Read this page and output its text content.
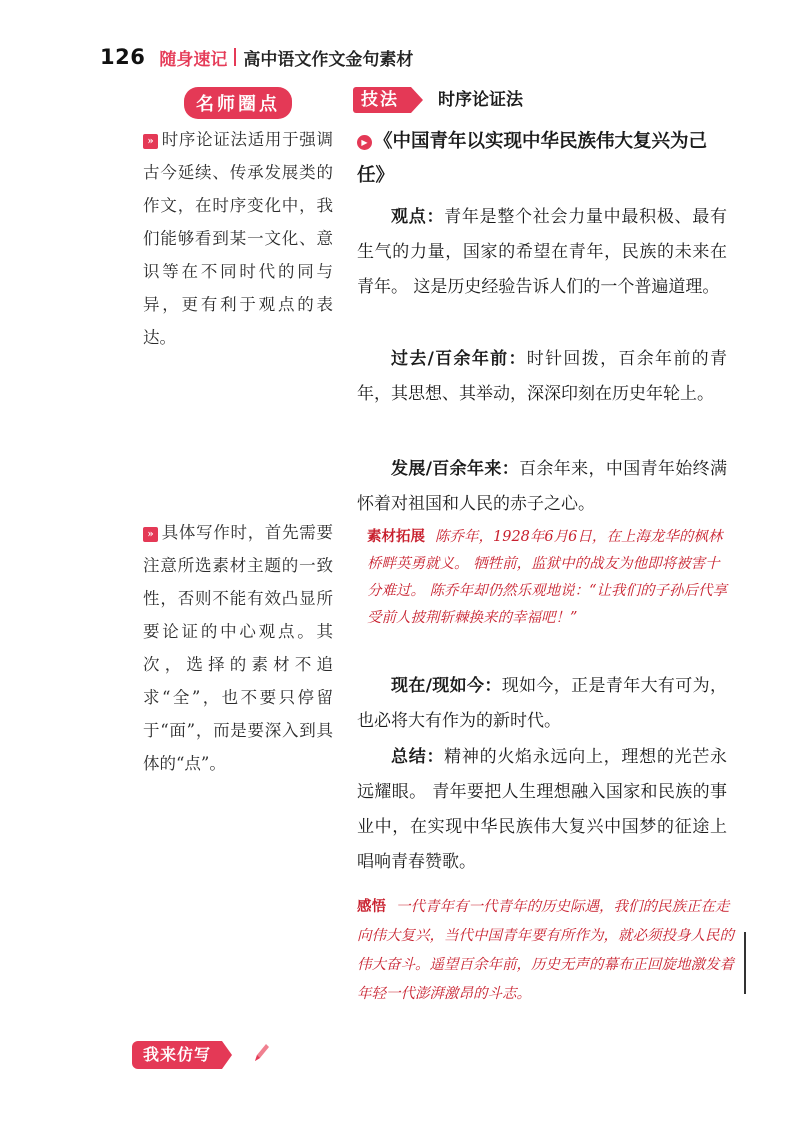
126 随身速记 高中语文作文金句素材
名师圈点	技法	时序论证法
» 时序论证法适用于强调古今延续、传承发展类的作文，在时序变化中，我们能够看到某一文化、意识等在不同时代的同与异，更有利于观点的表达。
» 具体写作时，首先需要注意所选素材主题的一致性，否则不能有效凸显所要论证的中心观点。其次，选择的素材不追求“全”，也不要只停留于“面”，而是要深入到具体的“点”。
▶ 《中国青年以实现中华民族伟大复兴为己任》
观点：青年是整个社会力量中最积极、最有生气的力量，国家的希望在青年，民族的未来在青年。 这是历史经验告诉人们的一个普遍道理。
过去/百余年前：时针回拨，百余年前的青年，其思想、其举动，深深印刻在历史年轮上。
发展/百余年来：百余年来，中国青年始终满怀着对祖国和人民的赤子之心。
素材拓展 陈乔年，1928年6月6日，在上海龙华的枫林桥畔英勇就义。 牺牲前，监狱中的战友为他即将被害十分难过。 陈乔年却仍然乐观地说：“让我们的子孙后代享受前人披荆斩棘换来的幸福吧！”
现在/现如今：现如今，正是青年大有可为，也必将大有作为的新时代。
总结：精神的火焰永远向上，理想的光芒永远耀眼。 青年要把人生理想融入国家和民族的事业中，在实现中华民族伟大复兴中国梦的征途上唱响青春赞歌。
感悟 一代青年有一代青年的历史际遇，我们的民族正在走向伟大复兴，当代中国青年要有所作为，就必须投身人民的伟大奋斗。遥望百余年前，历史无声的幕布正回旋地激发着年轻一代澎湃激昂的斗志。
我来仿写
